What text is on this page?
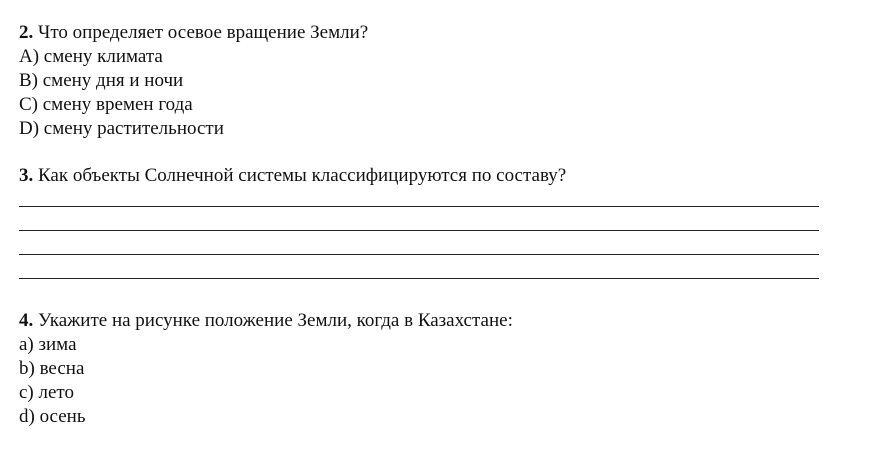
2. Что определяет осевое вращение Земли?
A) смену климата
B) смену дня и ночи
C) смену времен года
D) смену растительности
3. Как объекты Солнечной системы классифицируются по составу?
4. Укажите на рисунке положение Земли, когда в Казахстане:
a) зима
b) весна
c) лето
d) осень
